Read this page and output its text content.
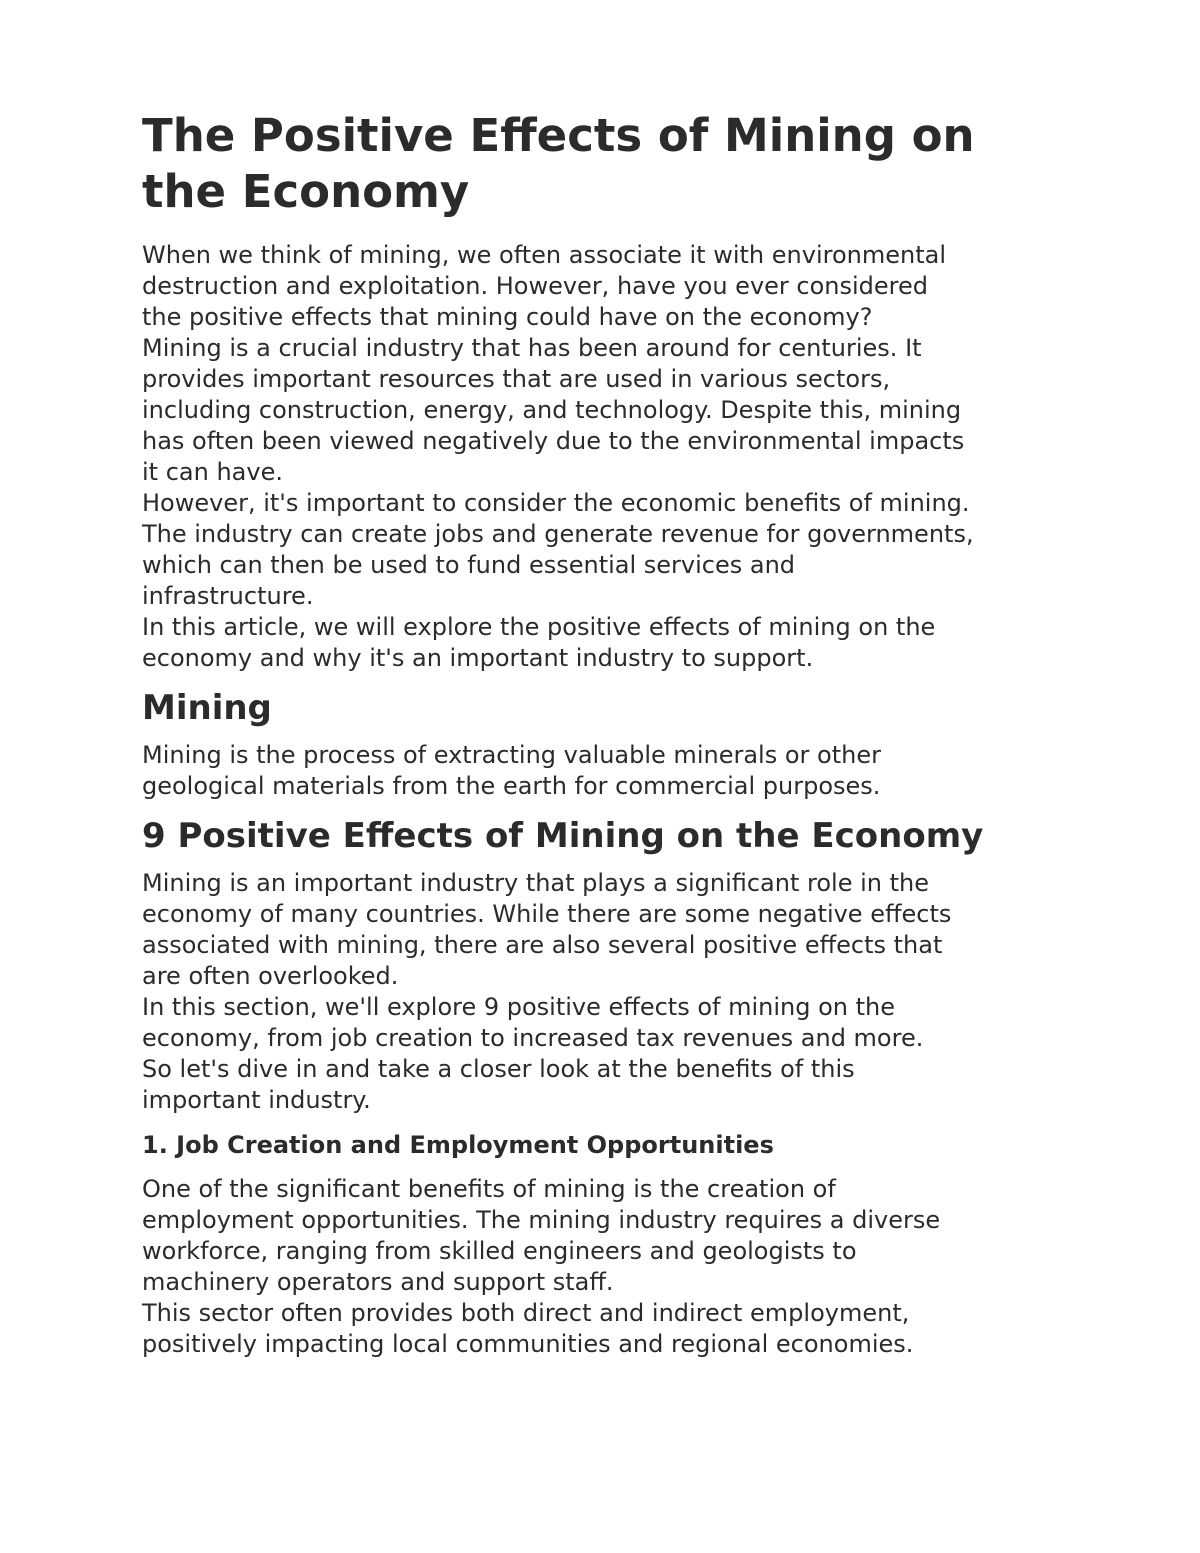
The Positive Effects of Mining on the Economy

When we think of mining, we often associate it with environmental
destruction and exploitation. However, have you ever considered
the positive effects that mining could have on the economy?

Mining is a crucial industry that has been around for centuries. It
provides important resources that are used in various sectors,
including construction, energy, and technology. Despite this, mining
has often been viewed negatively due to the environmental impacts
it can have.

However, it's important to consider the economic benefits of mining.
The industry can create jobs and generate revenue for governments,
which can then be used to fund essential services and
infrastructure.

In this article, we will explore the positive effects of mining on the
economy and why it's an important industry to support.

Mining

Mining is the process of extracting valuable minerals or other
geological materials from the earth for commercial purposes.

9 Positive Effects of Mining on the Economy

Mining is an important industry that plays a significant role in the
economy of many countries. While there are some negative effects
associated with mining, there are also several positive effects that
are often overlooked.

In this section, we'll explore 9 positive effects of mining on the
economy, from job creation to increased tax revenues and more.

So let's dive in and take a closer look at the benefits of this
important industry.

1. Job Creation and Employment Opportunities

One of the significant benefits of mining is the creation of
employment opportunities. The mining industry requires a diverse
workforce, ranging from skilled engineers and geologists to
machinery operators and support staff.

This sector often provides both direct and indirect employment,
positively impacting local communities and regional economies.
